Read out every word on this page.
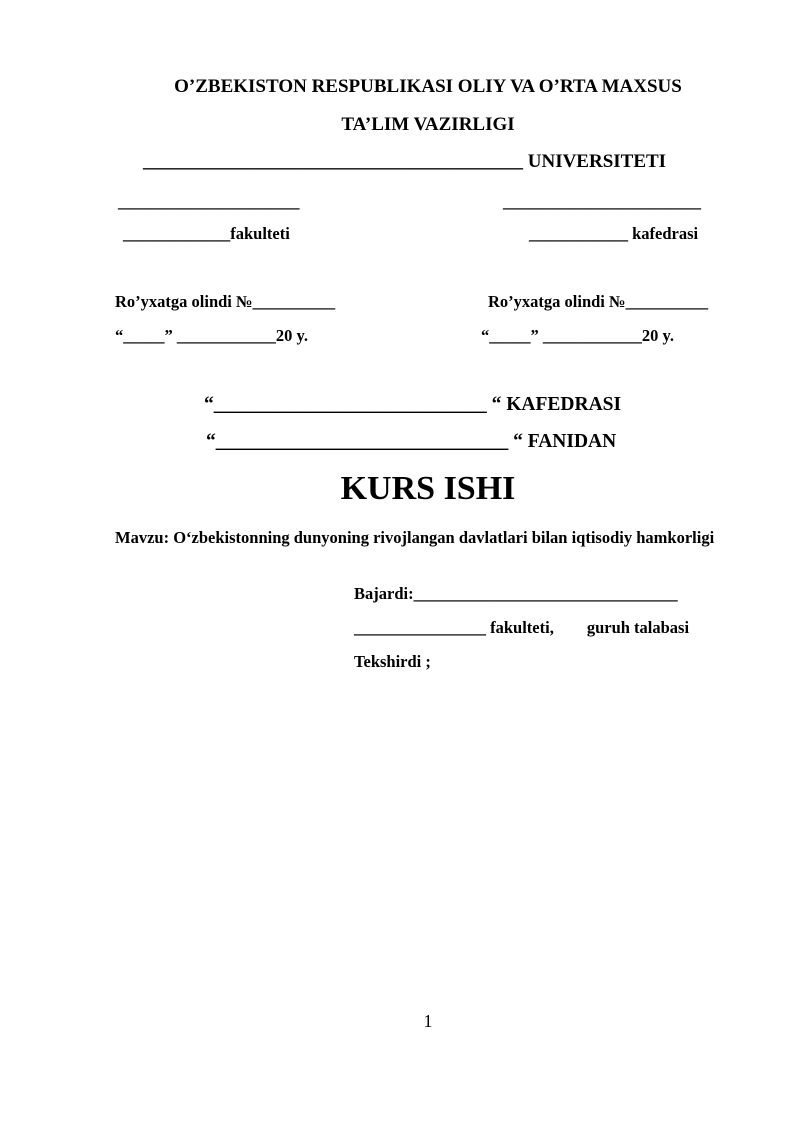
O’ZBEKISTON RESPUBLIKASI OLIY VA O’RTA MAXSUS
TA’LIM VAZIRLIGI
________________________________________ UNIVERSITETI
______________________	________________________
_____________fakulteti	____________ kafedrasi
Ro’yxatga olindi №__________
“_____” ____________20 y.
Ro’yxatga olindi №__________
“_____” ____________20 y.
“____________________________ “ KAFEDRASI
“______________________________ “ FANIDAN
KURS ISHI
Mavzu: O‘zbekistonning dunyoning rivojlangan davlatlari bilan iqtisodiy hamkorligi
Bajardi:________________________________
________________ fakulteti,        guruh talabasi
Tekshirdi ;
1
